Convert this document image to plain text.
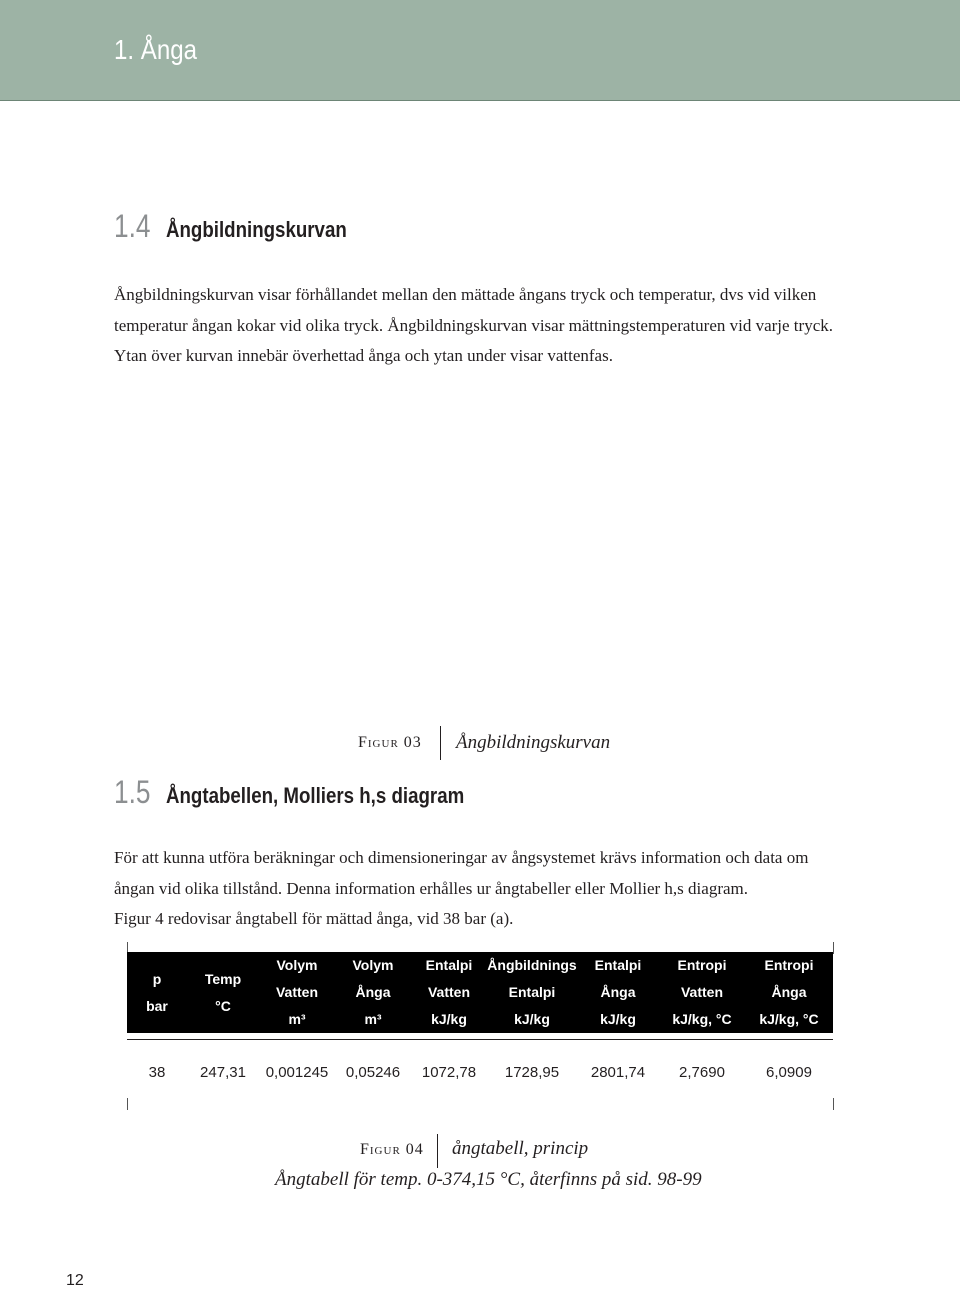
1. Ånga
1.4 Ångbildningskurvan

Ångbildningskurvan visar förhållandet mellan den mättade ångans tryck och temperatur, dvs vid vilken

temperatur ångan kokar vid olika tryck. Ångbildningskurvan visar mättningstemperaturen vid varje tryck.

Ytan över kurvan innebär överhettad ånga och ytan under visar vattenfas.

Figur 03 Ångbildningskurvan
1.5 Ångtabellen, Molliers h,s diagram

För att kunna utföra beräkningar och dimensioneringar av ångsystemet krävs information och data om

ångan vid olika tillstånd. Denna information erhålles ur ångtabeller eller Mollier h,s diagram.

Figur 4 redovisar ångtabell för mättad ånga, vid 38 bar (a).

p
bar	Temp
°C	Volym
Vatten
m³	Volym
Ånga
m³	Entalpi
Vatten
kJ/kg	Ångbildnings
Entalpi
kJ/kg	Entalpi
Ånga
kJ/kg	Entropi
Vatten
kJ/kg, °C	Entropi
Ånga
kJ/kg, °C

38	247,31	0,001245	0,05246	1072,78	1728,95	2801,74	2,7690	6,0909
Figur 04 ångtabell, princip
Ångtabell för temp. 0-374,15 °C, återfinns på sid. 98-99
12
